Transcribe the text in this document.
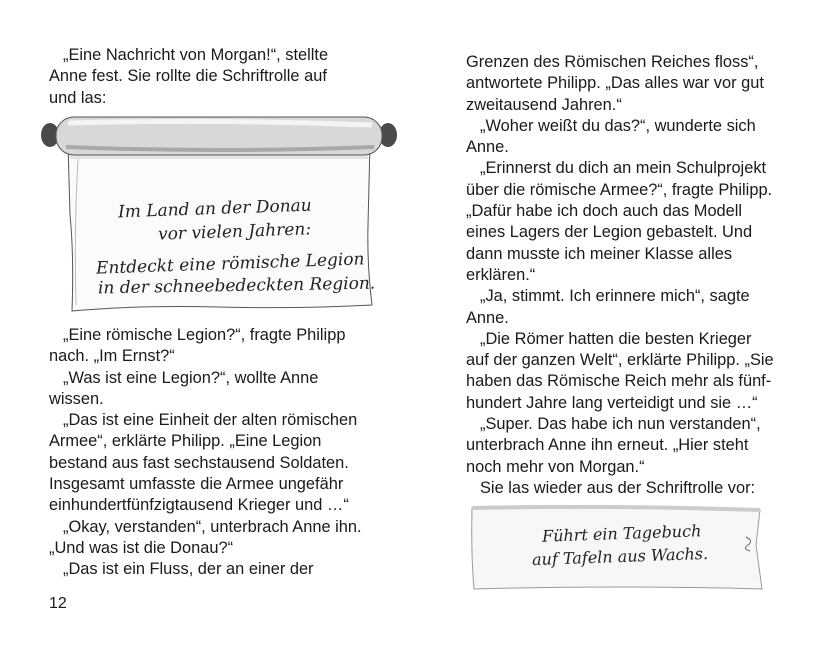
„Eine Nachricht von Morgan!“, stellte

Anne fest. Sie rollte die Schriftrolle auf

und las:

Im Land an der Donau
vor vielen Jahren:
Entdeckt eine römische Legion
in der schneebedeckten Region.

„Eine römische Legion?“, fragte Philipp

nach. „Im Ernst?“

„Was ist eine Legion?“, wollte Anne

wissen.

„Das ist eine Einheit der alten römischen

Armee“, erklärte Philipp. „Eine Legion

bestand aus fast sechstausend Soldaten.

Insgesamt umfasste die Armee ungefähr

einhundertfünfzigtausend Krieger und …“

„Okay, verstanden“, unterbrach Anne ihn.

„Und was ist die Donau?“

„Das ist ein Fluss, der an einer der

Grenzen des Römischen Reiches floss“,

antwortete Philipp. „Das alles war vor gut

zweitausend Jahren.“

„Woher weißt du das?“, wunderte sich

Anne.

„Erinnerst du dich an mein Schulprojekt

über die römische Armee?“, fragte Philipp.

„Dafür habe ich doch auch das Modell

eines Lagers der Legion gebastelt. Und

dann musste ich meiner Klasse alles

erklären.“

„Ja, stimmt. Ich erinnere mich“, sagte

Anne.

„Die Römer hatten die besten Krieger

auf der ganzen Welt“, erklärte Philipp. „Sie

haben das Römische Reich mehr als fünf-

hundert Jahre lang verteidigt und sie …“

„Super. Das habe ich nun verstanden“,

unterbrach Anne ihn erneut. „Hier steht

noch mehr von Morgan.“

Sie las wieder aus der Schriftrolle vor:

Führt ein Tagebuch
auf Tafeln aus Wachs.
12
